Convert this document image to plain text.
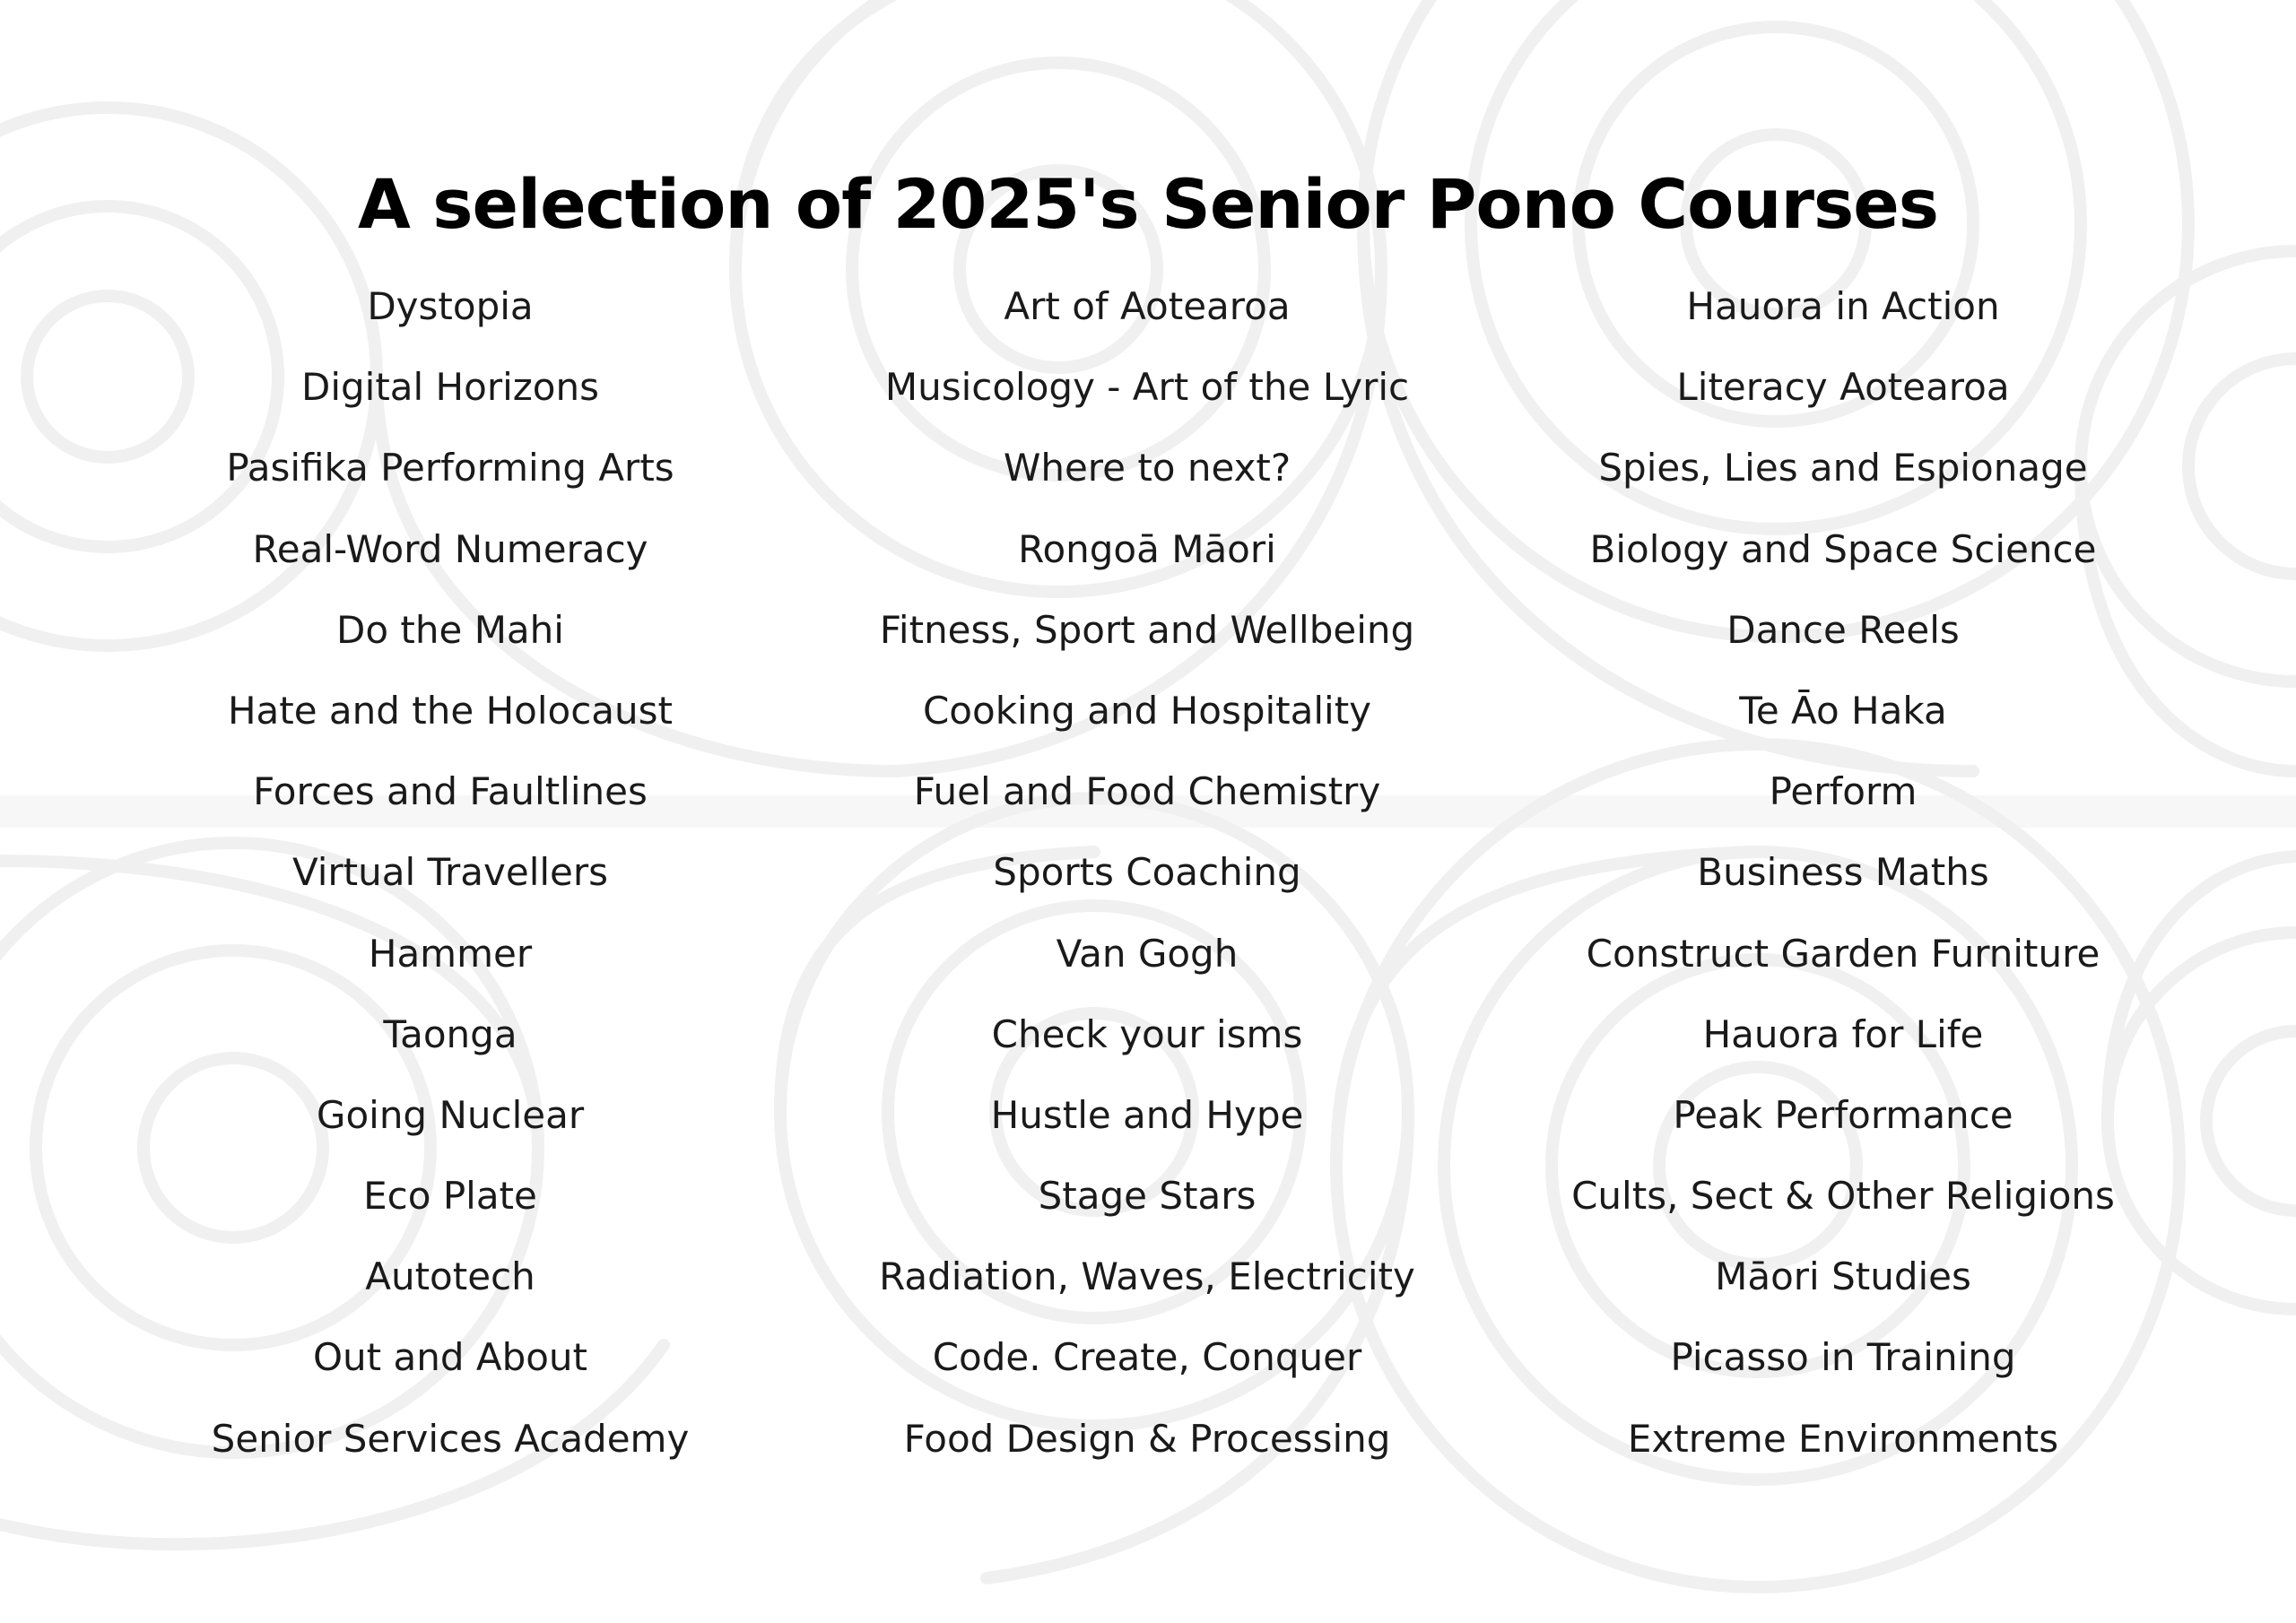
A selection of 2025's Senior Pono Courses
Dystopia
Digital Horizons
Pasifika Performing Arts
Real-Word Numeracy
Do the Mahi
Hate and the Holocaust
Forces and Faultlines
Virtual Travellers
Hammer
Taonga
Going Nuclear
Eco Plate
Autotech
Out and About
Senior Services Academy
Art of Aotearoa
Musicology - Art of the Lyric
Where to next?
Rongoā Māori
Fitness, Sport and Wellbeing
Cooking and Hospitality
Fuel and Food Chemistry
Sports Coaching
Van Gogh
Check your isms
Hustle and Hype
Stage Stars
Radiation, Waves, Electricity
Code. Create, Conquer
Food Design & Processing
Hauora in Action
Literacy Aotearoa
Spies, Lies and Espionage
Biology and Space Science
Dance Reels
Te Āo Haka
Perform
Business Maths
Construct Garden Furniture
Hauora for Life
Peak Performance
Cults, Sect & Other Religions
Māori Studies
Picasso in Training
Extreme Environments
